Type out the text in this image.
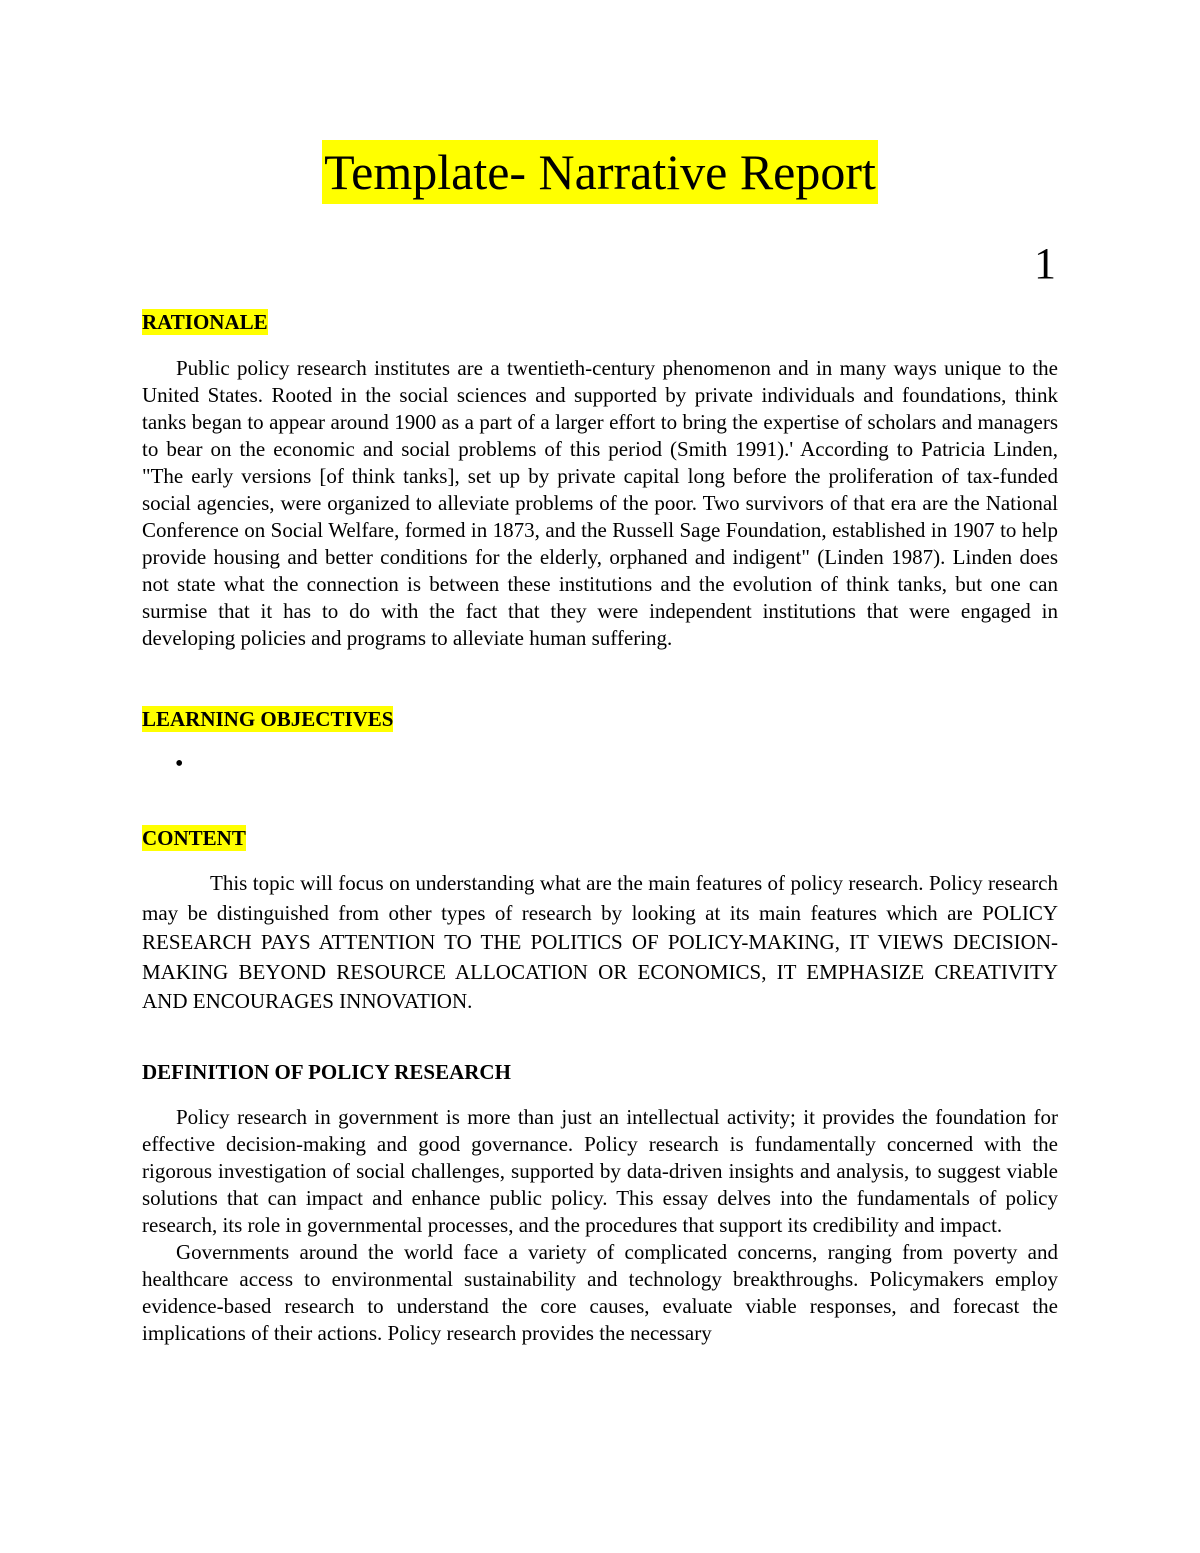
Template- Narrative Report
1
RATIONALE

Public policy research institutes are a twentieth-century phenomenon and in many ways unique to the United States. Rooted in the social sciences and supported by private individuals and foundations, think tanks began to appear around 1900 as a part of a larger effort to bring the expertise of scholars and managers to bear on the economic and social problems of this period (Smith 1991).' According to Patricia Linden, "The early versions [of think tanks], set up by private capital long before the proliferation of tax-funded social agencies, were organized to alleviate problems of the poor. Two survivors of that era are the National Conference on Social Welfare, formed in 1873, and the Russell Sage Foundation, established in 1907 to help provide housing and better conditions for the elderly, orphaned and indigent" (Linden 1987). Linden does not state what the connection is between these institutions and the evolution of think tanks, but one can surmise that it has to do with the fact that they were independent institutions that were engaged in developing policies and programs to alleviate human suffering.

LEARNING OBJECTIVES
•
CONTENT

This topic will focus on understanding what are the main features of policy research. Policy research may be distinguished from other types of research by looking at its main features which are POLICY RESEARCH PAYS ATTENTION TO THE POLITICS OF POLICY-MAKING, IT VIEWS DECISION-MAKING BEYOND RESOURCE ALLOCATION OR ECONOMICS, IT EMPHASIZE CREATIVITY AND ENCOURAGES INNOVATION.

DEFINITION OF POLICY RESEARCH

Policy research in government is more than just an intellectual activity; it provides the foundation for effective decision-making and good governance. Policy research is fundamentally concerned with the rigorous investigation of social challenges, supported by data-driven insights and analysis, to suggest viable solutions that can impact and enhance public policy. This essay delves into the fundamentals of policy research, its role in governmental processes, and the procedures that support its credibility and impact.

Governments around the world face a variety of complicated concerns, ranging from poverty and healthcare access to environmental sustainability and technology breakthroughs. Policymakers employ evidence-based research to understand the core causes, evaluate viable responses, and forecast the implications of their actions. Policy research provides the necessary
